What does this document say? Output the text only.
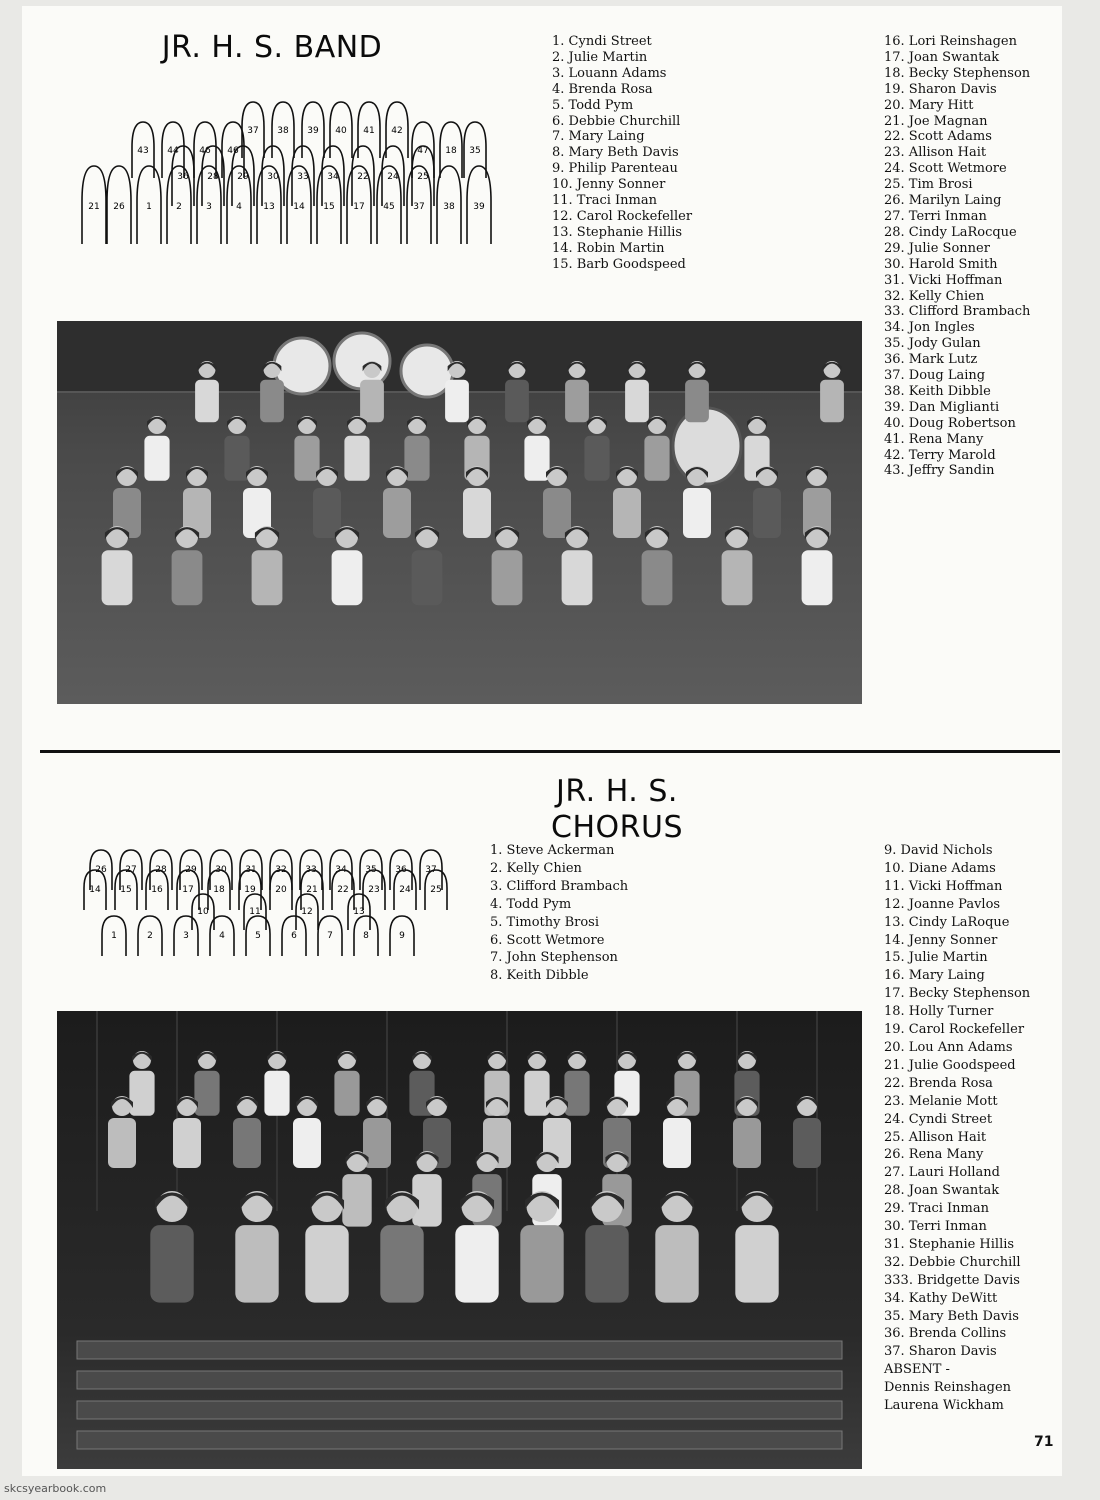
JR. H. S. BAND
37 38 39 40 41 42
43 44 46 46	47 18 35
36 28 29 30 33 34 22 24 25
21 26 1	2	3	4 13 14 15 17 45 37 38 39
1. Cyndi Street
2. Julie Martin
3. Louann Adams
4. Brenda Rosa
5. Todd Pym
6. Debbie Churchill
7. Mary Laing
8. Mary Beth Davis
9. Philip Parenteau
10. Jenny Sonner
11. Traci Inman
12. Carol Rockefeller
13. Stephanie Hillis
14. Robin Martin
15. Barb Goodspeed
16. Lori Reinshagen
17. Joan Swantak
18. Becky Stephenson
19. Sharon Davis
20. Mary Hitt
21. Joe Magnan
22. Scott Adams
23. Allison Hait
24. Scott Wetmore
25. Tim Brosi
26. Marilyn Laing
27. Terri Inman
28. Cindy LaRocque
29. Julie Sonner
30. Harold Smith
31. Vicki Hoffman
32. Kelly Chien
33. Clifford Brambach
34. Jon Ingles
35. Jody Gulan
36. Mark Lutz
37. Doug Laing
38. Keith Dibble
39. Dan Miglianti
40. Doug Robertson
41. Rena Many
42. Terry Marold
43. Jeffry Sandin
JR. H. S.
CHORUS
26 27 28 29 30 31 32 33 34 35 36 37
14 15 16 17 18 19 20 21 22 23 24 25
10	11	12	13
1	2	3	4	5	6	7	8	9
1. Steve Ackerman
2. Kelly Chien
3. Clifford Brambach
4. Todd Pym
5. Timothy Brosi
6. Scott Wetmore
7. John Stephenson
8. Keith Dibble
9. David Nichols
10. Diane Adams
11. Vicki Hoffman
12. Joanne Pavlos
13. Cindy LaRoque
14. Jenny Sonner
15. Julie Martin
16. Mary Laing
17. Becky Stephenson
18. Holly Turner
19. Carol Rockefeller
20. Lou Ann Adams
21. Julie Goodspeed
22. Brenda Rosa
23. Melanie Mott
24. Cyndi Street
25. Allison Hait
26. Rena Many
27. Lauri Holland
28. Joan Swantak
29. Traci Inman
30. Terri Inman
31. Stephanie Hillis
32. Debbie Churchill
333. Bridgette Davis
34. Kathy DeWitt
35. Mary Beth Davis
36. Brenda Collins
37. Sharon Davis
ABSENT -
Dennis Reinshagen
Laurena Wickham
71
skcsyearbook.com
